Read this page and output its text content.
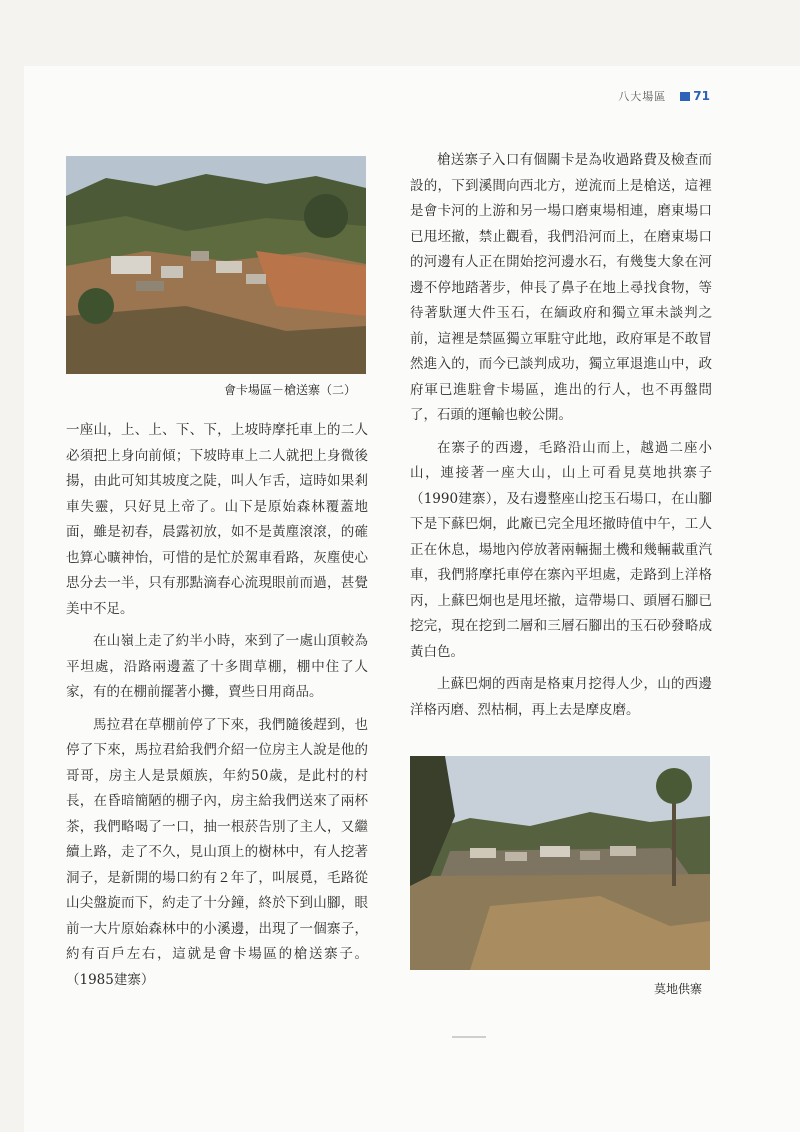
八大場區 71
會卡場區－槍送寨（二）

一座山，上、上、下、下，上坡時摩托車上的二人必須把上身向前傾；下坡時車上二人就把上身微後揚，由此可知其坡度之陡，叫人乍舌，這時如果剎車失靈，只好見上帝了。山下是原始森林覆蓋地面，雖是初春，晨露初放，如不是黃塵滾滾，的確也算心曠神怡，可惜的是忙於駕車看路，灰塵使心思分去一半，只有那點滴春心流現眼前而過，甚覺美中不足。

在山嶺上走了約半小時，來到了一處山頂較為平坦處，沿路兩邊蓋了十多間草棚，棚中住了人家，有的在棚前擺著小攤，賣些日用商品。

馬拉君在草棚前停了下來，我們隨後趕到，也停了下來，馬拉君給我們介紹一位房主人說是他的哥哥，房主人是景頗族，年約50歲，是此村的村長，在昏暗簡陋的棚子內，房主給我們送來了兩杯茶，我們略喝了一口，抽一根菸告別了主人，又繼續上路，走了不久，見山頂上的樹林中，有人挖著洞子，是新開的場口約有２年了，叫展覓，毛路從山尖盤旋而下，約走了十分鐘，終於下到山腳，眼前一大片原始森林中的小溪邊，出現了一個寨子，約有百戶左右，這就是會卡場區的槍送寨子。（1985建寨）

槍送寨子入口有個關卡是為收過路費及檢查而設的，下到溪間向西北方，逆流而上是槍送，這裡是會卡河的上游和另一場口磨東場相連，磨東場口已甩坯撤，禁止觀看，我們沿河而上，在磨東場口的河邊有人正在開始挖河邊水石，有幾隻大象在河邊不停地踏著步，伸長了鼻子在地上尋找食物，等待著馱運大件玉石，在緬政府和獨立軍未談判之前，這裡是禁區獨立軍駐守此地，政府軍是不敢冒然進入的，而今已談判成功，獨立軍退進山中，政府軍已進駐會卡場區，進出的行人，也不再盤問了，石頭的運輸也較公開。

在寨子的西邊，毛路沿山而上，越過二座小山，連接著一座大山，山上可看見莫地拱寨子（1990建寨），及右邊整座山挖玉石場口，在山腳下是下蘇巴炯，此廠已完全甩坯撤時值中午，工人正在休息，場地內停放著兩輛掘土機和幾輛載重汽車，我們將摩托車停在寨內平坦處，走路到上洋格丙，上蘇巴炯也是甩坯撤，這帶場口、頭層石腳已挖完，現在挖到二層和三層石腳出的玉石砂發略成黃白色。

上蘇巴炯的西南是格東月挖得人少，山的西邊洋格丙磨、烈枯桐，再上去是摩皮磨。

莫地供寨
